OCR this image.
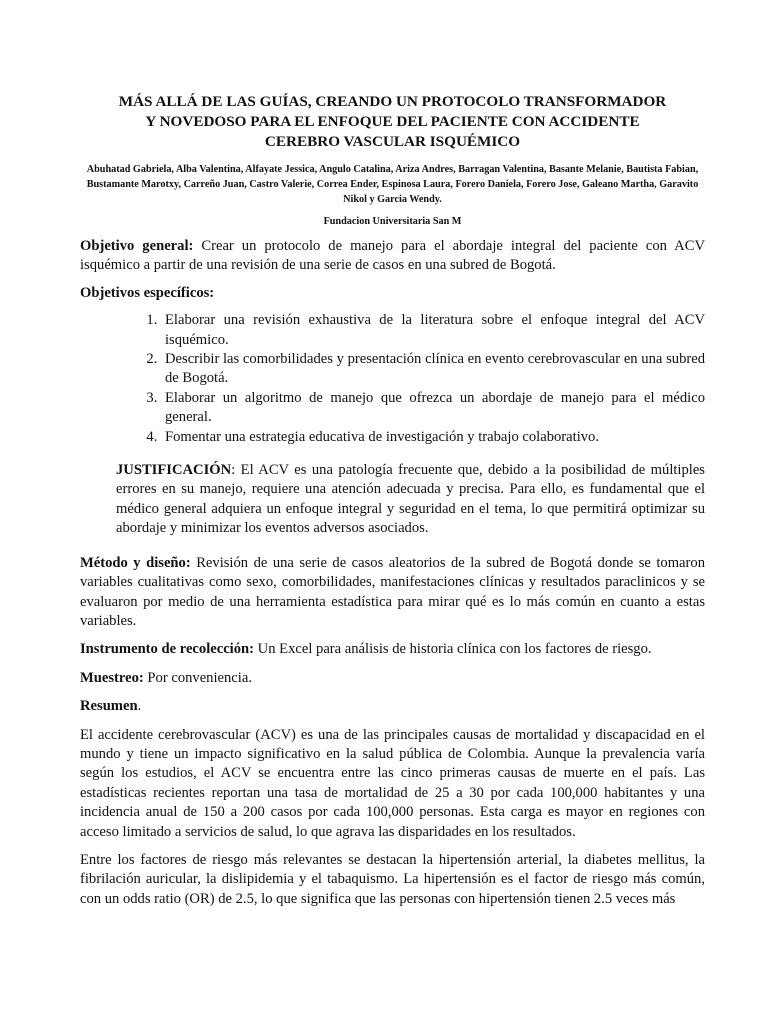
MÁS ALLÁ DE LAS GUÍAS, CREANDO UN PROTOCOLO TRANSFORMADOR
Y NOVEDOSO PARA EL ENFOQUE DEL PACIENTE CON ACCIDENTE
CEREBRO VASCULAR ISQUÉMICO
Abuhatad Gabriela, Alba Valentina, Alfayate Jessica, Angulo Catalina, Ariza Andres, Barragan Valentina, Basante Melanie, Bautista Fabian, Bustamante Marotxy, Carreño Juan, Castro Valerie, Correa Ender, Espinosa Laura, Forero Daniela, Forero Jose, Galeano Martha, Garavito Nikol y Garcia Wendy.
Fundacion Universitaria San M

Objetivo general: Crear un protocolo de manejo para el abordaje integral del paciente con ACV isquémico a partir de una revisión de una serie de casos en una subred de Bogotá.

Objetivos específicos:

1. Elaborar una revisión exhaustiva de la literatura sobre el enfoque integral del ACV isquémico.
2. Describir las comorbilidades y presentación clínica en evento cerebrovascular en una subred de Bogotá.
3. Elaborar un algoritmo de manejo que ofrezca un abordaje de manejo para el médico general.
4. Fomentar una estrategia educativa de investigación y trabajo colaborativo.

JUSTIFICACIÓN: El ACV es una patología frecuente que, debido a la posibilidad de múltiples errores en su manejo, requiere una atención adecuada y precisa. Para ello, es fundamental que el médico general adquiera un enfoque integral y seguridad en el tema, lo que permitirá optimizar su abordaje y minimizar los eventos adversos asociados.

Método y diseño: Revisión de una serie de casos aleatorios de la subred de Bogotá donde se tomaron variables cualitativas como sexo, comorbilidades, manifestaciones clínicas y resultados paraclinicos y se evaluaron por medio de una herramienta estadística para mirar qué es lo más común en cuanto a estas variables.

Instrumento de recolección: Un Excel para análisis de historia clínica con los factores de riesgo.

Muestreo: Por conveniencia.

Resumen.

El accidente cerebrovascular (ACV) es una de las principales causas de mortalidad y discapacidad en el mundo y tiene un impacto significativo en la salud pública de Colombia. Aunque la prevalencia varía según los estudios, el ACV se encuentra entre las cinco primeras causas de muerte en el país. Las estadísticas recientes reportan una tasa de mortalidad de 25 a 30 por cada 100,000 habitantes y una incidencia anual de 150 a 200 casos por cada 100,000 personas. Esta carga es mayor en regiones con acceso limitado a servicios de salud, lo que agrava las disparidades en los resultados.

Entre los factores de riesgo más relevantes se destacan la hipertensión arterial, la diabetes mellitus, la fibrilación auricular, la dislipidemia y el tabaquismo. La hipertensión es el factor de riesgo más común, con un odds ratio (OR) de 2.5, lo que significa que las personas con hipertensión tienen 2.5 veces más
